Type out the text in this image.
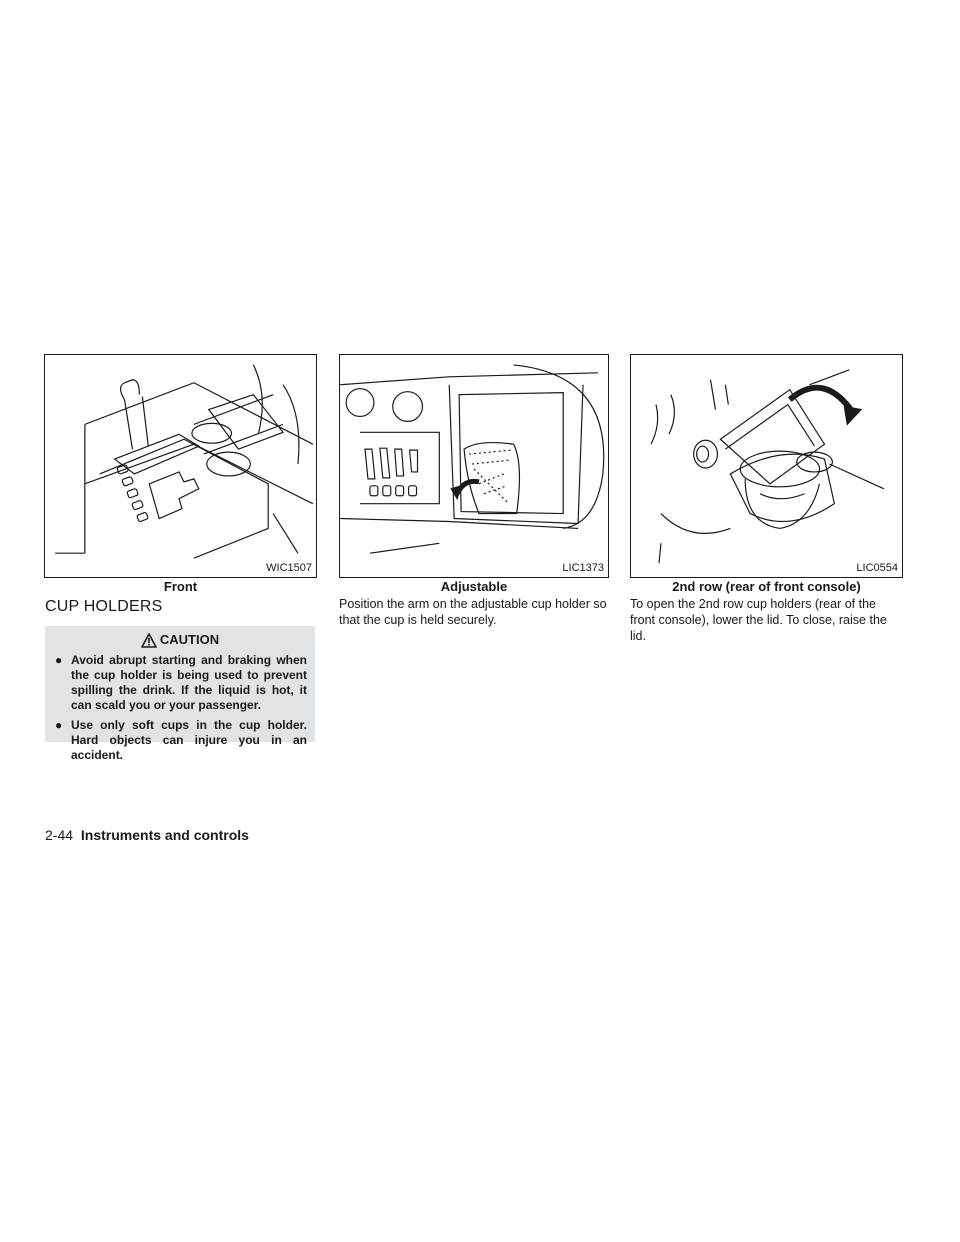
WIC1507
Front
LIC1373
Adjustable
LIC0554
2nd row (rear of front console)
CUP HOLDERS
CAUTION
● Avoid abrupt starting and braking when the cup holder is being used to prevent spilling the drink. If the liquid is hot, it can scald you or your passenger.
● Use only soft cups in the cup holder. Hard objects can injure you in an accident.

Position the arm on the adjustable cup holder so that the cup is held securely.

To open the 2nd row cup holders (rear of the front console), lower the lid. To close, raise the lid.

2-44 Instruments and controls
